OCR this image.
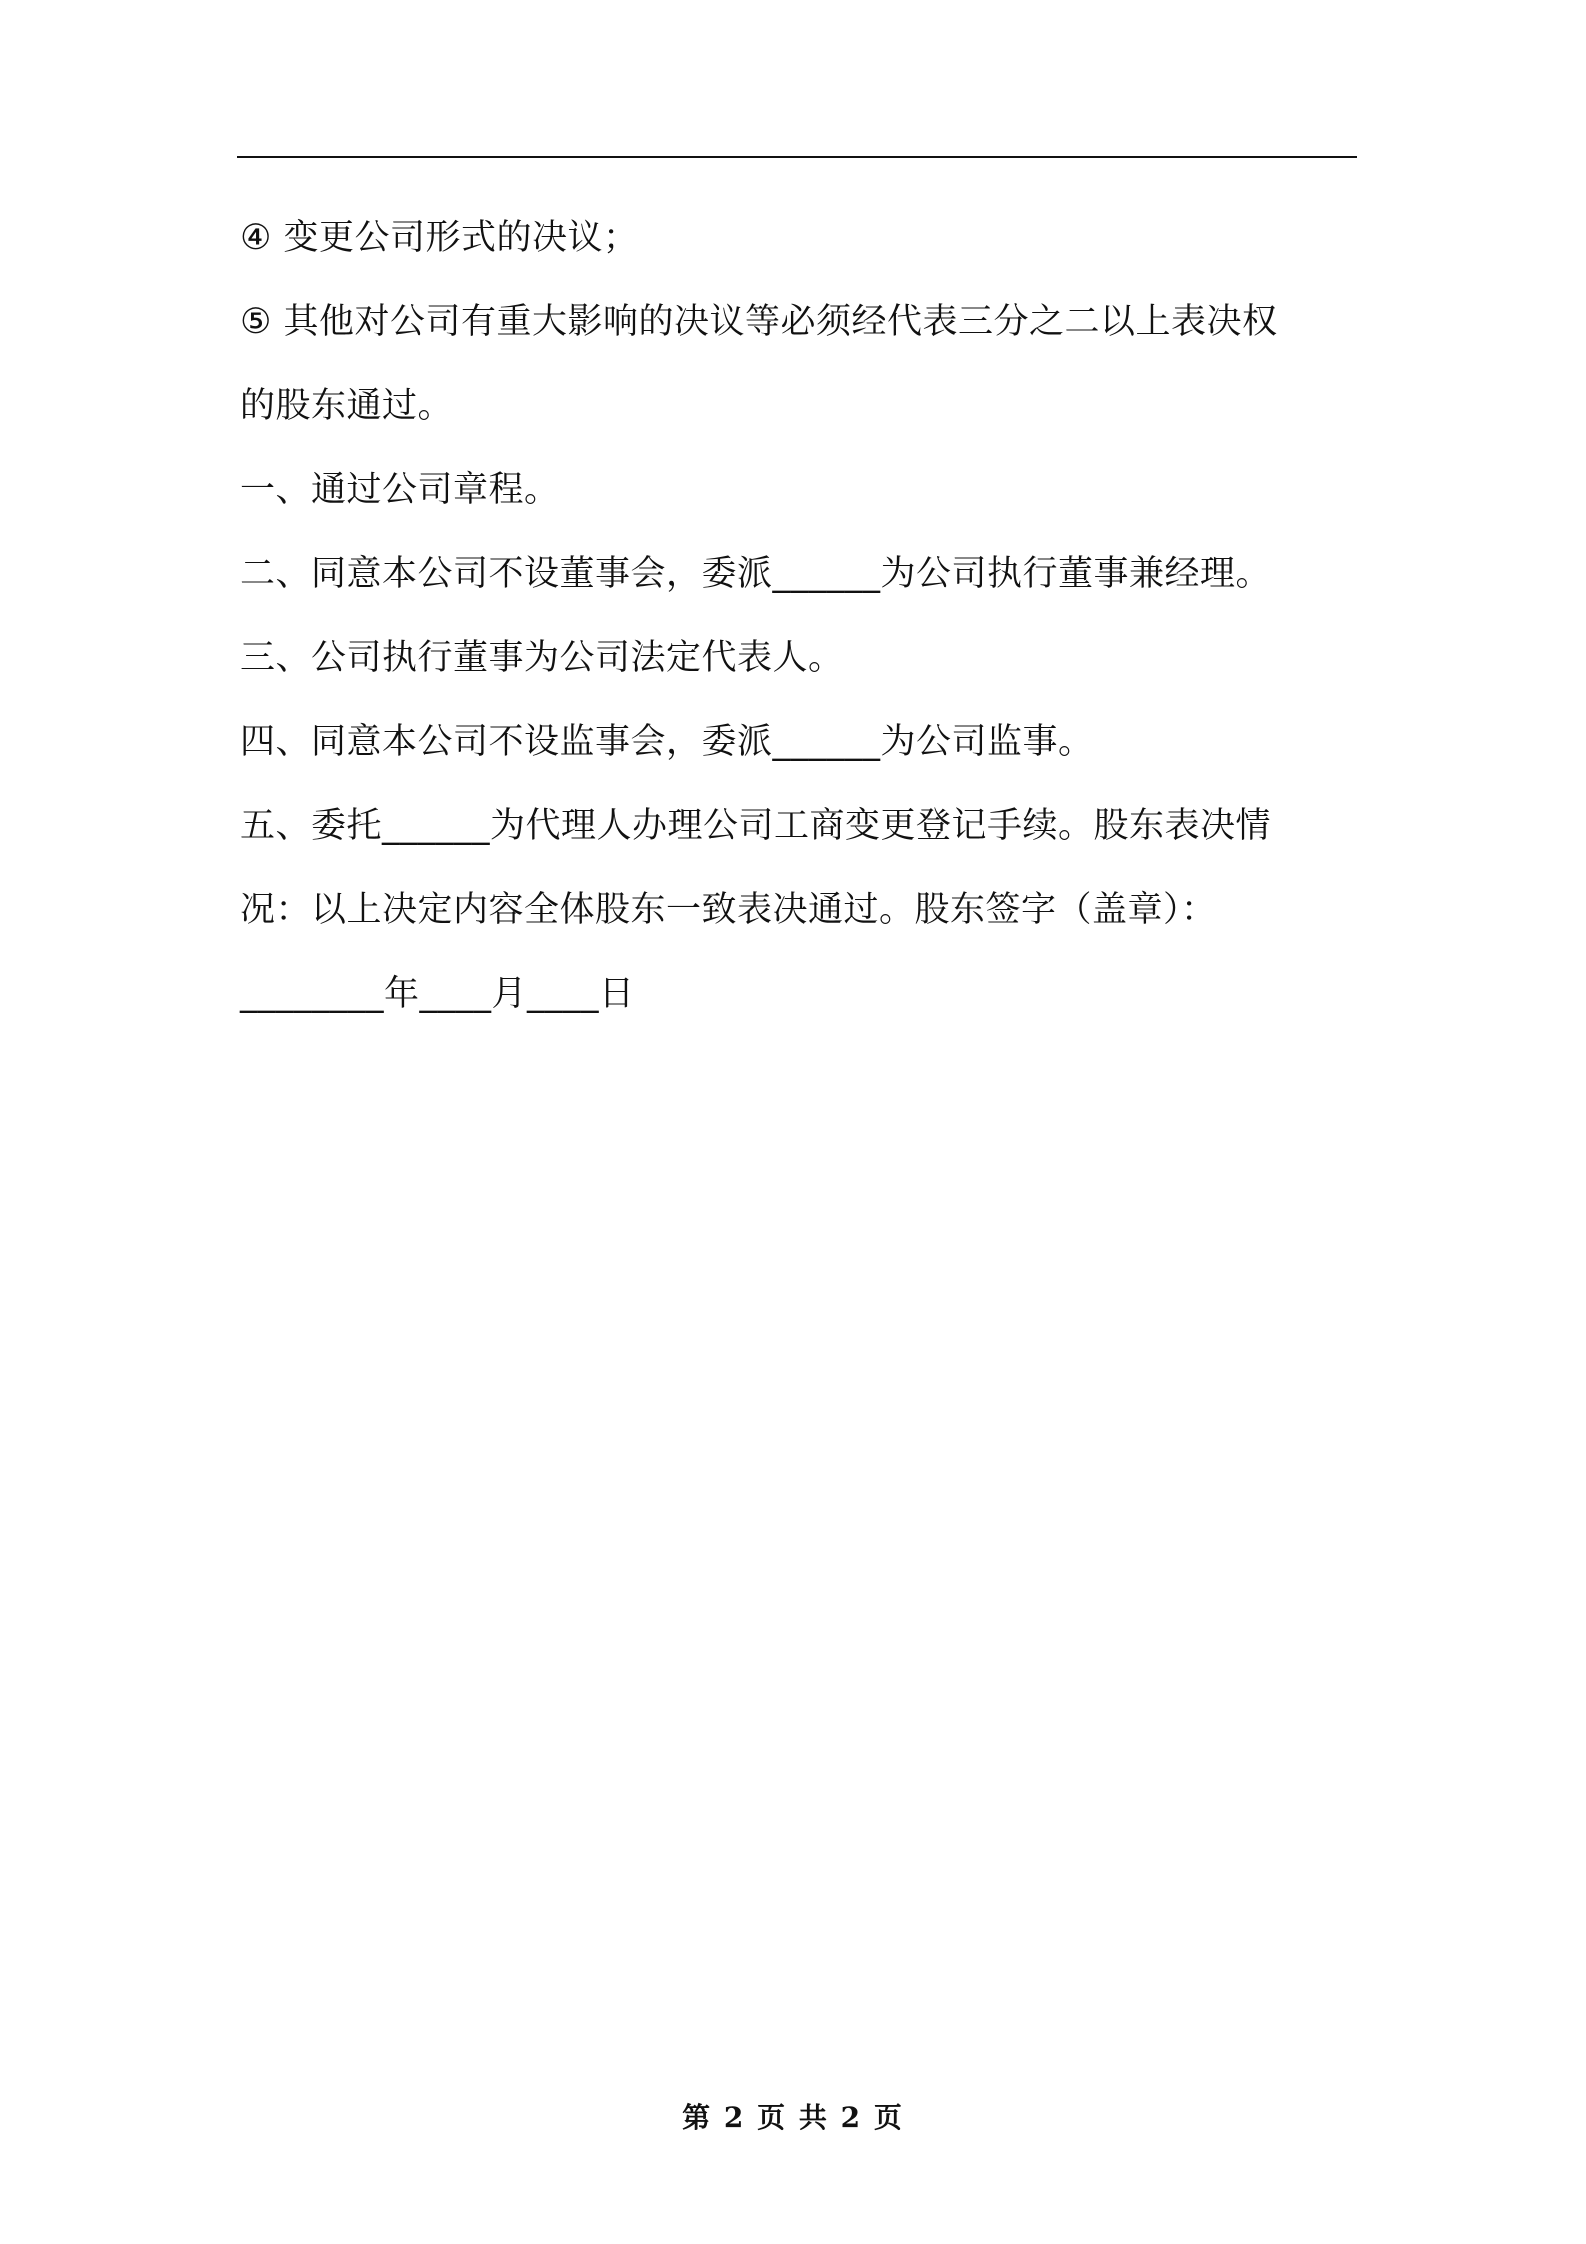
④ 变更公司形式的决议；
⑤ 其他对公司有重大影响的决议等必须经代表三分之二以上表决权
的股东通过。
一、通过公司章程。
二、同意本公司不设董事会，委派______为公司执行董事兼经理。
三、公司执行董事为公司法定代表人。
四、同意本公司不设监事会，委派______为公司监事。
五、委托______为代理人办理公司工商变更登记手续。股东表决情
况：以上决定内容全体股东一致表决通过。股东签字（盖章）：
________年____月____日
第 2 页 共 2 页
